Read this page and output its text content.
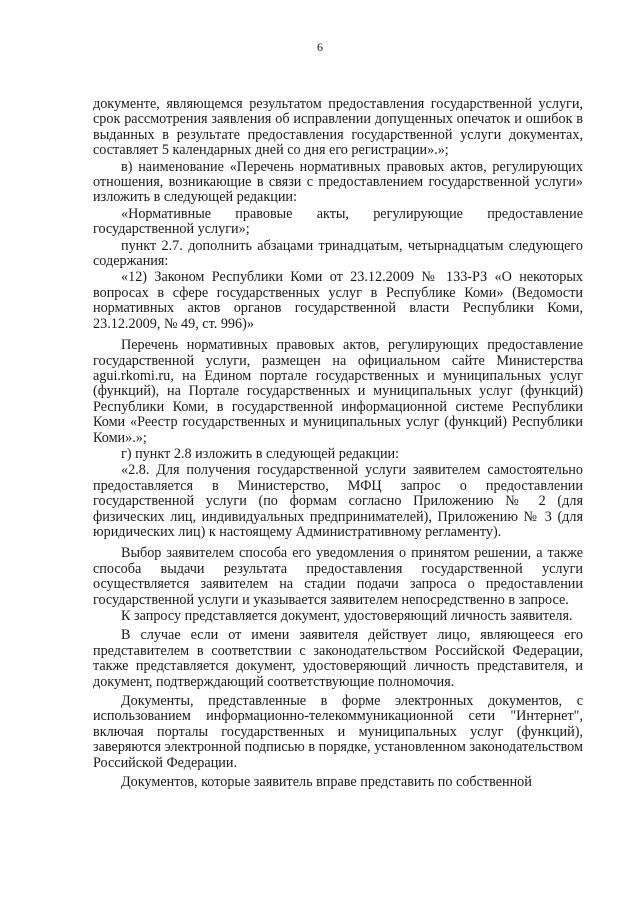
6

документе, являющемся результатом предоставления государственной услуги, срок рассмотрения заявления об исправлении допущенных опечаток и ошибок в выданных в результате предоставления государственной услуги документах, составляет 5 календарных дней со дня его регистрации».»;

в) наименование «Перечень нормативных правовых актов, регулирующих отношения, возникающие в связи с предоставлением государственной услуги» изложить в следующей редакции:

«Нормативные правовые акты, регулирующие предоставление государственной услуги»;

пункт 2.7. дополнить абзацами тринадцатым, четырнадцатым следующего содержания:

«12) Законом Республики Коми от 23.12.2009 № 133-РЗ «О некоторых вопросах в сфере государственных услуг в Республике Коми» (Ведомости нормативных актов органов государственной власти Республики Коми, 23.12.2009, № 49, ст. 996)»

Перечень нормативных правовых актов, регулирующих предоставление государственной услуги, размещен на официальном сайте Министерства agui.rkomi.ru, на Едином портале государственных и муниципальных услуг (функций), на Портале государственных и муниципальных услуг (функций) Республики Коми, в государственной информационной системе Республики Коми «Реестр государственных и муниципальных услуг (функций) Республики Коми».»;

г) пункт 2.8 изложить в следующей редакции:

«2.8. Для получения государственной услуги заявителем самостоятельно предоставляется в Министерство, МФЦ запрос о предоставлении государственной услуги (по формам согласно Приложению № 2 (для физических лиц, индивидуальных предпринимателей), Приложению № 3 (для юридических лиц) к настоящему Административному регламенту).

Выбор заявителем способа его уведомления о принятом решении, а также способа выдачи результата предоставления государственной услуги осуществляется заявителем на стадии подачи запроса о предоставлении государственной услуги и указывается заявителем непосредственно в запросе.

К запросу представляется документ, удостоверяющий личность заявителя.

В случае если от имени заявителя действует лицо, являющееся его представителем в соответствии с законодательством Российской Федерации, также представляется документ, удостоверяющий личность представителя, и документ, подтверждающий соответствующие полномочия.

Документы, представленные в форме электронных документов, с использованием информационно-телекоммуникационной сети "Интернет", включая порталы государственных и муниципальных услуг (функций), заверяются электронной подписью в порядке, установленном законодательством Российской Федерации.

Документов, которые заявитель вправе представить по собственной
